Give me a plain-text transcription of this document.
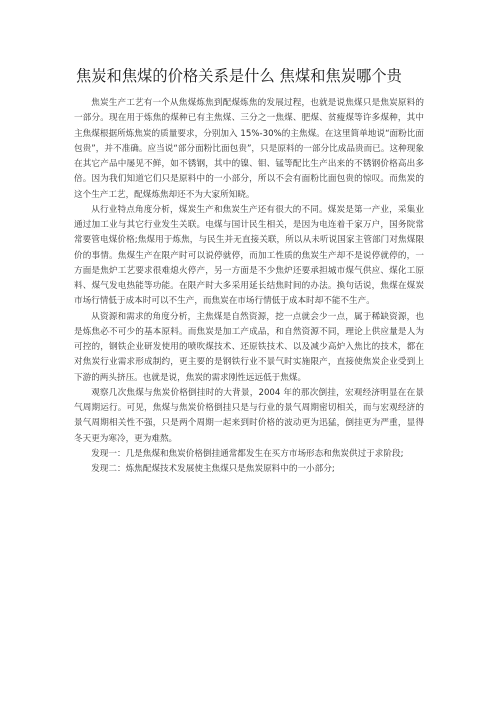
焦炭和焦煤的价格关系是什么 焦煤和焦炭哪个贵

焦炭生产工艺有一个从焦煤炼焦到配煤炼焦的发展过程，也就是说焦煤只是焦炭原料的一部分。现在用于炼焦的煤种已有主焦煤、三分之一焦煤、肥煤、贫瘦煤等许多煤种，其中主焦煤根据所炼焦炭的质量要求，分别加入 15%-30%的主焦煤。在这里简单地说“面粉比面包贵”，并不准确。应当说“部分面粉比面包贵”，只是原料的一部分比成品贵而已。这种现象在其它产品中屡见不鲜，如不锈钢，其中的镍、钼、锰等配比生产出来的不锈钢价格高出多倍。因为我们知道它们只是原料中的一小部分，所以不会有面粉比面包贵的惊叹。而焦炭的这个生产工艺，配煤炼焦却还不为大家所知晓。

从行业特点角度分析，煤炭生产和焦炭生产还有很大的不同。煤炭是第一产业，采集业通过加工业与其它行业发生关联。电煤与国计民生相关，是因为电连着千家万户，国务院常常要管电煤价格;焦煤用于炼焦，与民生并无直接关联，所以从未听说国家主管部门对焦煤限价的事情。焦煤生产在限产时可以说停就停，而加工性质的焦炭生产却不是说停就停的，一方面是焦炉工艺要求很难熄火停产，另一方面是不少焦炉还要承担城市煤气供应、煤化工原料、煤气发电热能等功能。在限产时大多采用延长结焦时间的办法。换句话说，焦煤在煤炭市场行情低于成本时可以不生产，而焦炭在市场行情低于成本时却不能不生产。

从资源和需求的角度分析，主焦煤是自然资源，挖一点就会少一点，属于稀缺资源，也是炼焦必不可少的基本原料。而焦炭是加工产成品，和自然资源不同，理论上供应量是人为可控的，钢铁企业研发使用的喷吹煤技术、还原铁技术、以及减少高炉入焦比的技术，都在对焦炭行业需求形成制约，更主要的是钢铁行业不景气时实施限产，直接使焦炭企业受到上下游的两头挤压。也就是说，焦炭的需求刚性远远低于焦煤。

观察几次焦煤与焦炭价格倒挂时的大背景，2004 年的那次倒挂，宏观经济明显在在景气周期运行。可见，焦煤与焦炭价格倒挂只是与行业的景气周期密切相关，而与宏观经济的景气周期相关性不强，只是两个周期一起来到时价格的波动更为迅猛，倒挂更为严重，显得冬天更为寒冷，更为难熬。

发现一：几是焦煤和焦炭价格倒挂通常都发生在买方市场形态和焦炭供过于求阶段;

发现二：炼焦配煤技术发展使主焦煤只是焦炭原料中的一小部分;
